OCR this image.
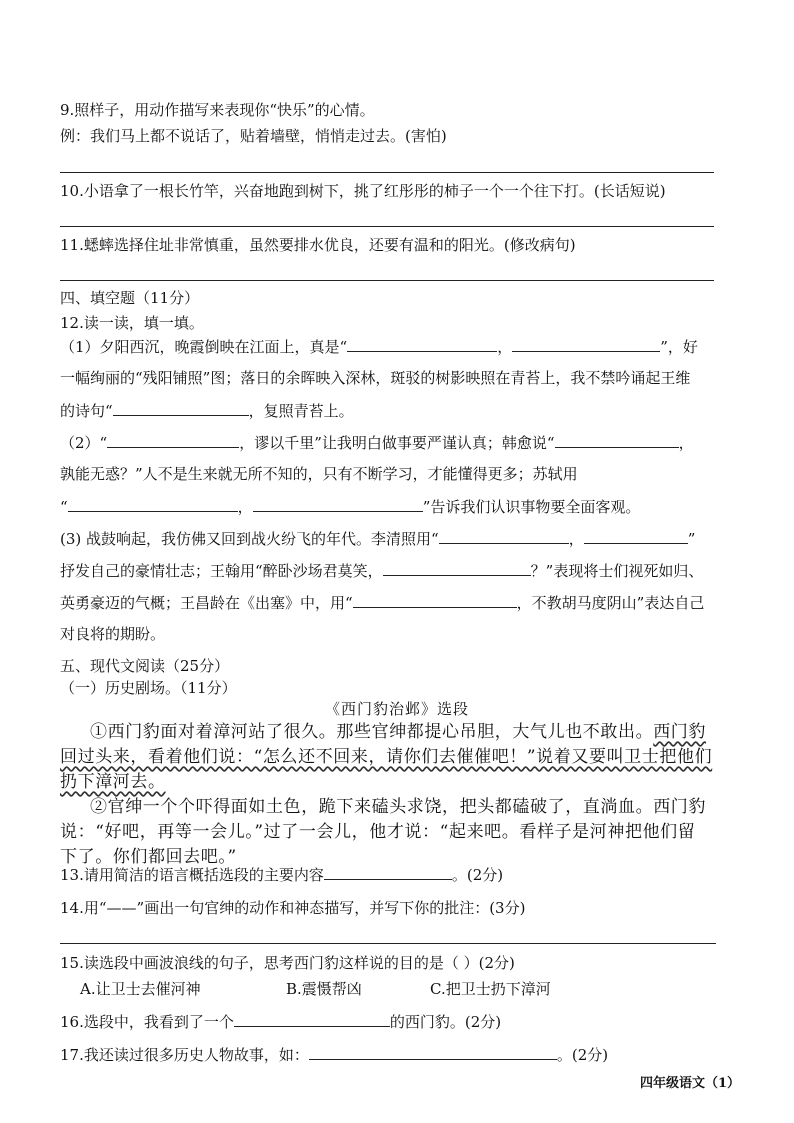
9.照样子，用动作描写来表现你“快乐”的心情。
例：我们马上都不说话了，贴着墙壁，悄悄走过去。(害怕)
10.小语拿了一根长竹竿，兴奋地跑到树下，挑了红彤彤的柿子一个一个往下打。(长话短说)
11.蟋蟀选择住址非常慎重，虽然要排水优良，还要有温和的阳光。(修改病句)
四、填空题（11分）
12.读一读，填一填。
（1）夕阳西沉，晚霞倒映在江面上，真是“	，	”，好
一幅绚丽的“残阳铺照”图；落日的余晖映入深林，斑驳的树影映照在青苔上，我不禁吟诵起王维
的诗句“	，复照青苔上。
（2）“	，谬以千里”让我明白做事要严谨认真；韩愈说“	，
孰能无惑？”人不是生来就无所不知的，只有不断学习，才能懂得更多；苏轼用
“	，	”告诉我们认识事物要全面客观。
(3) 战鼓响起，我仿佛又回到战火纷飞的年代。李清照用“	，	”
抒发自己的豪情壮志；王翰用“醉卧沙场君莫笑，	？”表现将士们视死如归、
英勇豪迈的气概；王昌龄在《出塞》中，用“	，不教胡马度阴山”表达自己
对良将的期盼。
五、现代文阅读（25分）
（一）历史剧场。（11分）
《西门豹治邺》选段
①西门豹面对着漳河站了很久。那些官绅都提心吊胆，大气儿也不敢出。西门豹
回过头来，看着他们说：“怎么还不回来，请你们去催催吧！”说着又要叫卫士把他们
扔下漳河去。
②官绅一个个吓得面如土色，跪下来磕头求饶，把头都磕破了，直淌血。西门豹
说：“好吧，再等一会儿。”过了一会儿，他才说：“起来吧。看样子是河神把他们留
下了。你们都回去吧。”
13.请用简洁的语言概括选段的主要内容	。(2分)
14.用“——”画出一句官绅的动作和神态描写，并写下你的批注：(3分)
15.读选段中画波浪线的句子，思考西门豹这样说的目的是（ ）(2分)
A.让卫士去催河神	B.震慑帮凶	C.把卫士扔下漳河
16.选段中，我看到了一个	的西门豹。(2分)
17.我还读过很多历史人物故事，如：	。(2分)
四年级语文（1）
